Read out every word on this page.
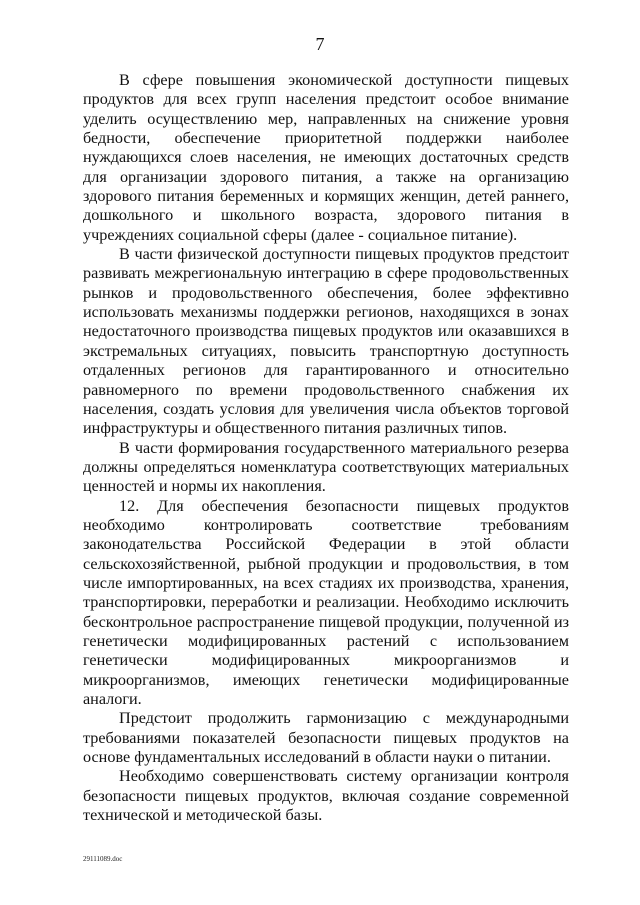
7

В сфере повышения экономической доступности пищевых продуктов для всех групп населения предстоит особое внимание уделить осуществлению мер, направленных на снижение уровня бедности, обеспечение приоритетной поддержки наиболее нуждающихся слоев населения, не имеющих достаточных средств для организации здорового питания, а также на организацию здорового питания беременных и кормящих женщин, детей раннего, дошкольного и школьного возраста, здорового питания в учреждениях социальной сферы (далее - социальное питание).

В части физической доступности пищевых продуктов предстоит развивать межрегиональную интеграцию в сфере продовольственных рынков и продовольственного обеспечения, более эффективно использовать механизмы поддержки регионов, находящихся в зонах недостаточного производства пищевых продуктов или оказавшихся в экстремальных ситуациях, повысить транспортную доступность отдаленных регионов для гарантированного и относительно равномерного по времени продовольственного снабжения их населения, создать условия для увеличения числа объектов торговой инфраструктуры и общественного питания различных типов.

В части формирования государственного материального резерва должны определяться номенклатура соответствующих материальных ценностей и нормы их накопления.

12. Для обеспечения безопасности пищевых продуктов необходимо контролировать соответствие требованиям законодательства Российской Федерации в этой области сельскохозяйственной, рыбной продукции и продовольствия, в том числе импортированных, на всех стадиях их производства, хранения, транспортировки, переработки и реализации. Необходимо исключить бесконтрольное распространение пищевой продукции, полученной из генетически модифицированных растений с использованием генетически модифицированных микроорганизмов и микроорганизмов, имеющих генетически модифицированные аналоги.

Предстоит продолжить гармонизацию с международными требованиями показателей безопасности пищевых продуктов на основе фундаментальных исследований в области науки о питании.

Необходимо совершенствовать систему организации контроля безопасности пищевых продуктов, включая создание современной технической и методической базы.

29111089.doc
